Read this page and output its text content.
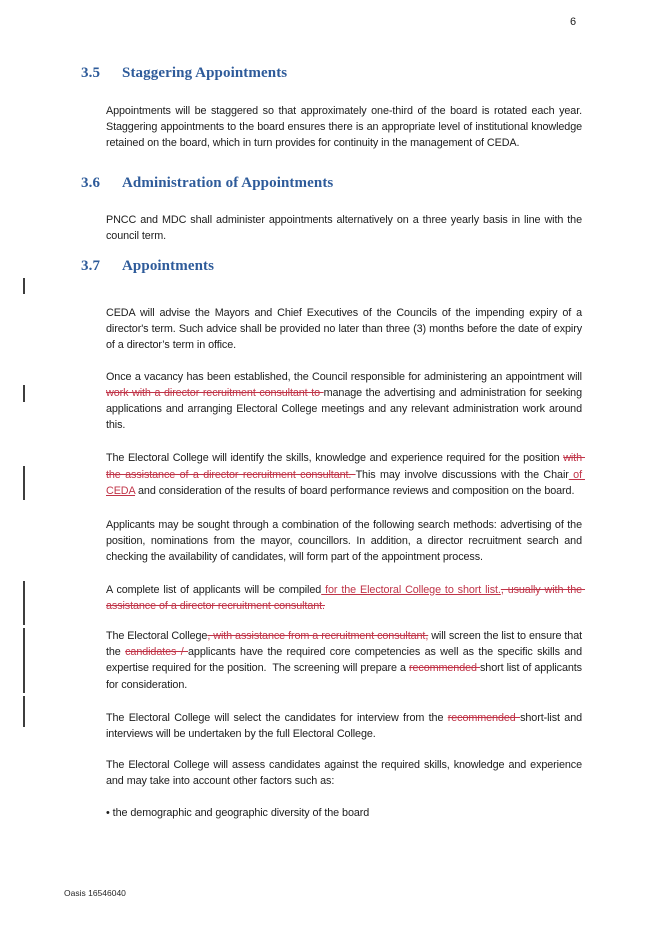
6
3.5	Staggering Appointments

Appointments will be staggered so that approximately one-third of the board is rotated each year. Staggering appointments to the board ensures there is an appropriate level of institutional knowledge retained on the board, which in turn provides for continuity in the management of CEDA.

3.6	Administration of Appointments

PNCC and MDC shall administer appointments alternatively on a three yearly basis in line with the council term.

3.7	Appointments

CEDA will advise the Mayors and Chief Executives of the Councils of the impending expiry of a director's term. Such advice shall be provided no later than three (3) months before the date of expiry of a director’s term in office.

Once a vacancy has been established, the Council responsible for administering an appointment will work with a director recruitment consultant to manage the advertising and administration for seeking applications and arranging Electoral College meetings and any relevant administration work around this.

The Electoral College will identify the skills, knowledge and experience required for the position with the assistance of a director recruitment consultant. This may involve discussions with the Chair of CEDA and consideration of the results of board performance reviews and composition on the board.

Applicants may be sought through a combination of the following search methods: advertising of the position, nominations from the mayor, councillors. In addition, a director recruitment search and checking the availability of candidates, will form part of the appointment process.

A complete list of applicants will be compiled for the Electoral College to short list., usually with the assistance of a director recruitment consultant.

The Electoral College, with assistance from a recruitment consultant, will screen the list to ensure that the candidates / applicants have the required core competencies as well as the specific skills and expertise required for the position.  The screening will prepare a recommended short list of applicants for consideration.

The Electoral College will select the candidates for interview from the recommended short-list and interviews will be undertaken by the full Electoral College.

The Electoral College will assess candidates against the required skills, knowledge and experience and may take into account other factors such as:

• the demographic and geographic diversity of the board

Oasis 16546040
